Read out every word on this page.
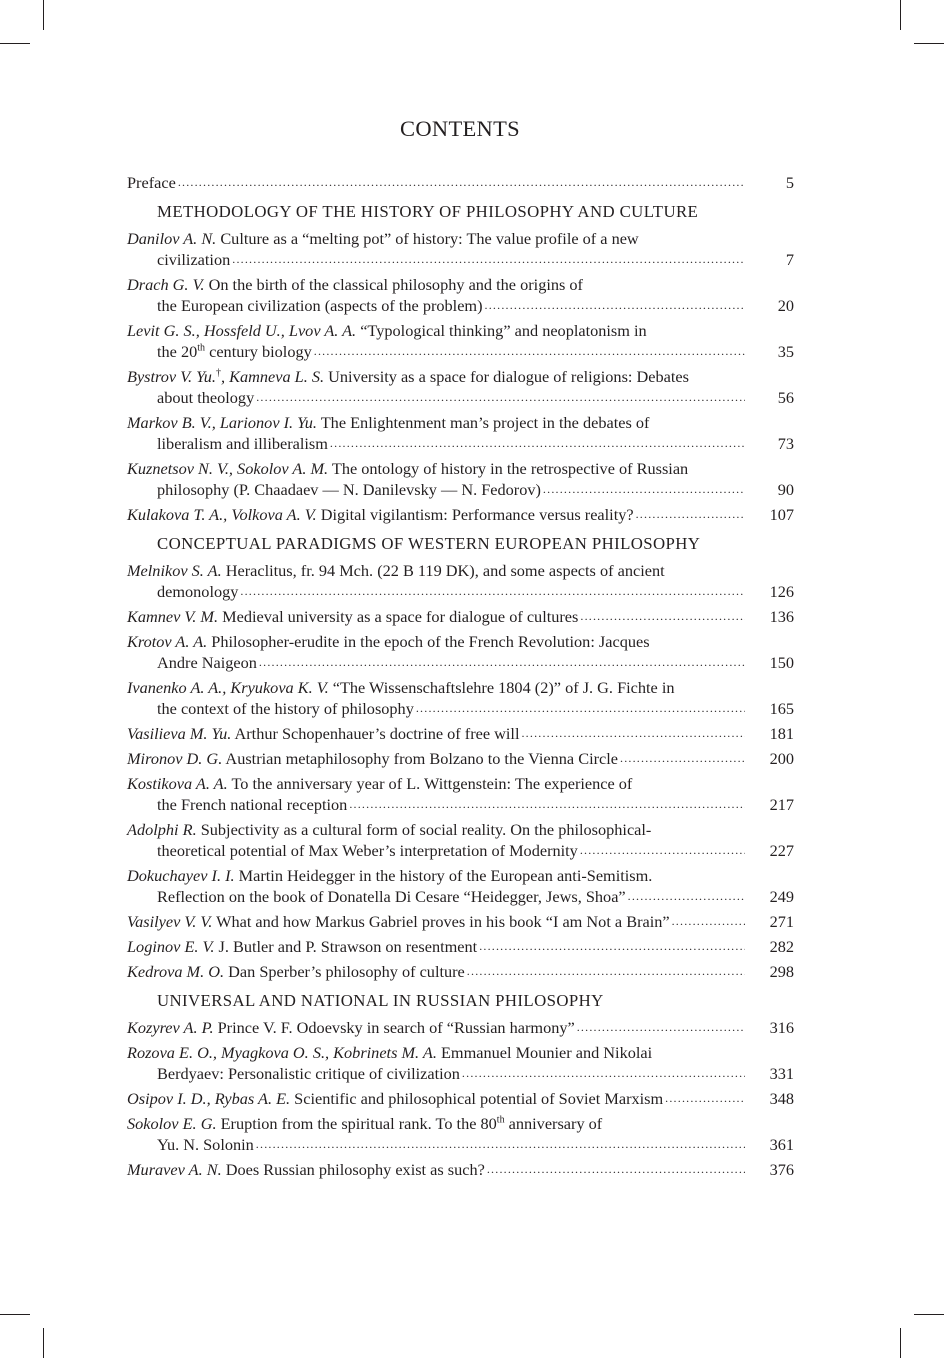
CONTENTS
Preface .....	5
METHODOLOGY OF THE HISTORY OF PHILOSOPHY AND CULTURE
Danilov A. N. Culture as a “melting pot” of history: The value profile of a new
civilization .....	7
Drach G. V. On the birth of the classical philosophy and the origins of
the European civilization (aspects of the problem) .....	20
Levit G. S., Hossfeld U., Lvov A. A. “Typological thinking” and neoplatonism in
the 20th century biology .....	35
Bystrov V. Yu.†, Kamneva L. S. University as a space for dialogue of religions: Debates
about theology .....	56
Markov B. V., Larionov I. Yu. The Enlightenment man’s project in the debates of
liberalism and illiberalism .....	73
Kuznetsov N. V., Sokolov A. M. The ontology of history in the retrospective of Russian
philosophy (P. Chaadaev — N. Danilevsky — N. Fedorov) .....	90
Kulakova T. A., Volkova A. V. Digital vigilantism: Performance versus reality? .....	107
CONCEPTUAL PARADIGMS OF WESTERN EUROPEAN PHILOSOPHY
Melnikov S. A. Heraclitus, fr. 94 Mch. (22 B 119 DK), and some aspects of ancient
demonology .....	126
Kamnev V. M. Medieval university as a space for dialogue of cultures .....	136
Krotov A. A. Philosopher-erudite in the epoch of the French Revolution: Jacques
Andre Naigeon .....	150
Ivanenko A. A., Kryukova K. V. “The Wissenschaftslehre 1804 (2)” of J. G. Fichte in
the context of the history of philosophy .....	165
Vasilieva M. Yu. Arthur Schopenhauer’s doctrine of free will .....	181
Mironov D. G. Austrian metaphilosophy from Bolzano to the Vienna Circle .....	200
Kostikova A. A. To the anniversary year of L. Wittgenstein: The experience of
the French national reception .....	217
Adolphi R. Subjectivity as a cultural form of social reality. On the philosophical-
theoretical potential of Max Weber’s interpretation of Modernity .....	227
Dokuchayev I. I. Martin Heidegger in the history of the European anti-Semitism.
Reflection on the book of Donatella Di Cesare “Heidegger, Jews, Shoa” .....	249
Vasilyev V. V. What and how Markus Gabriel proves in his book “I am Not a Brain” .....	271
Loginov E. V. J. Butler and P. Strawson on resentment .....	282
Kedrova M. O. Dan Sperber’s philosophy of culture .....	298
UNIVERSAL AND NATIONAL IN RUSSIAN PHILOSOPHY
Kozyrev A. P. Prince V. F. Odoevsky in search of “Russian harmony” .....	316
Rozova E. O., Myagkova O. S., Kobrinets M. A. Emmanuel Mounier and Nikolai
Berdyaev: Personalistic critique of civilization .....	331
Osipov I. D., Rybas A. E. Scientific and philosophical potential of Soviet Marxism .....	348
Sokolov E. G. Eruption from the spiritual rank. To the 80th anniversary of
Yu. N. Solonin .....	361
Muravev A. N. Does Russian philosophy exist as such? .....	376
